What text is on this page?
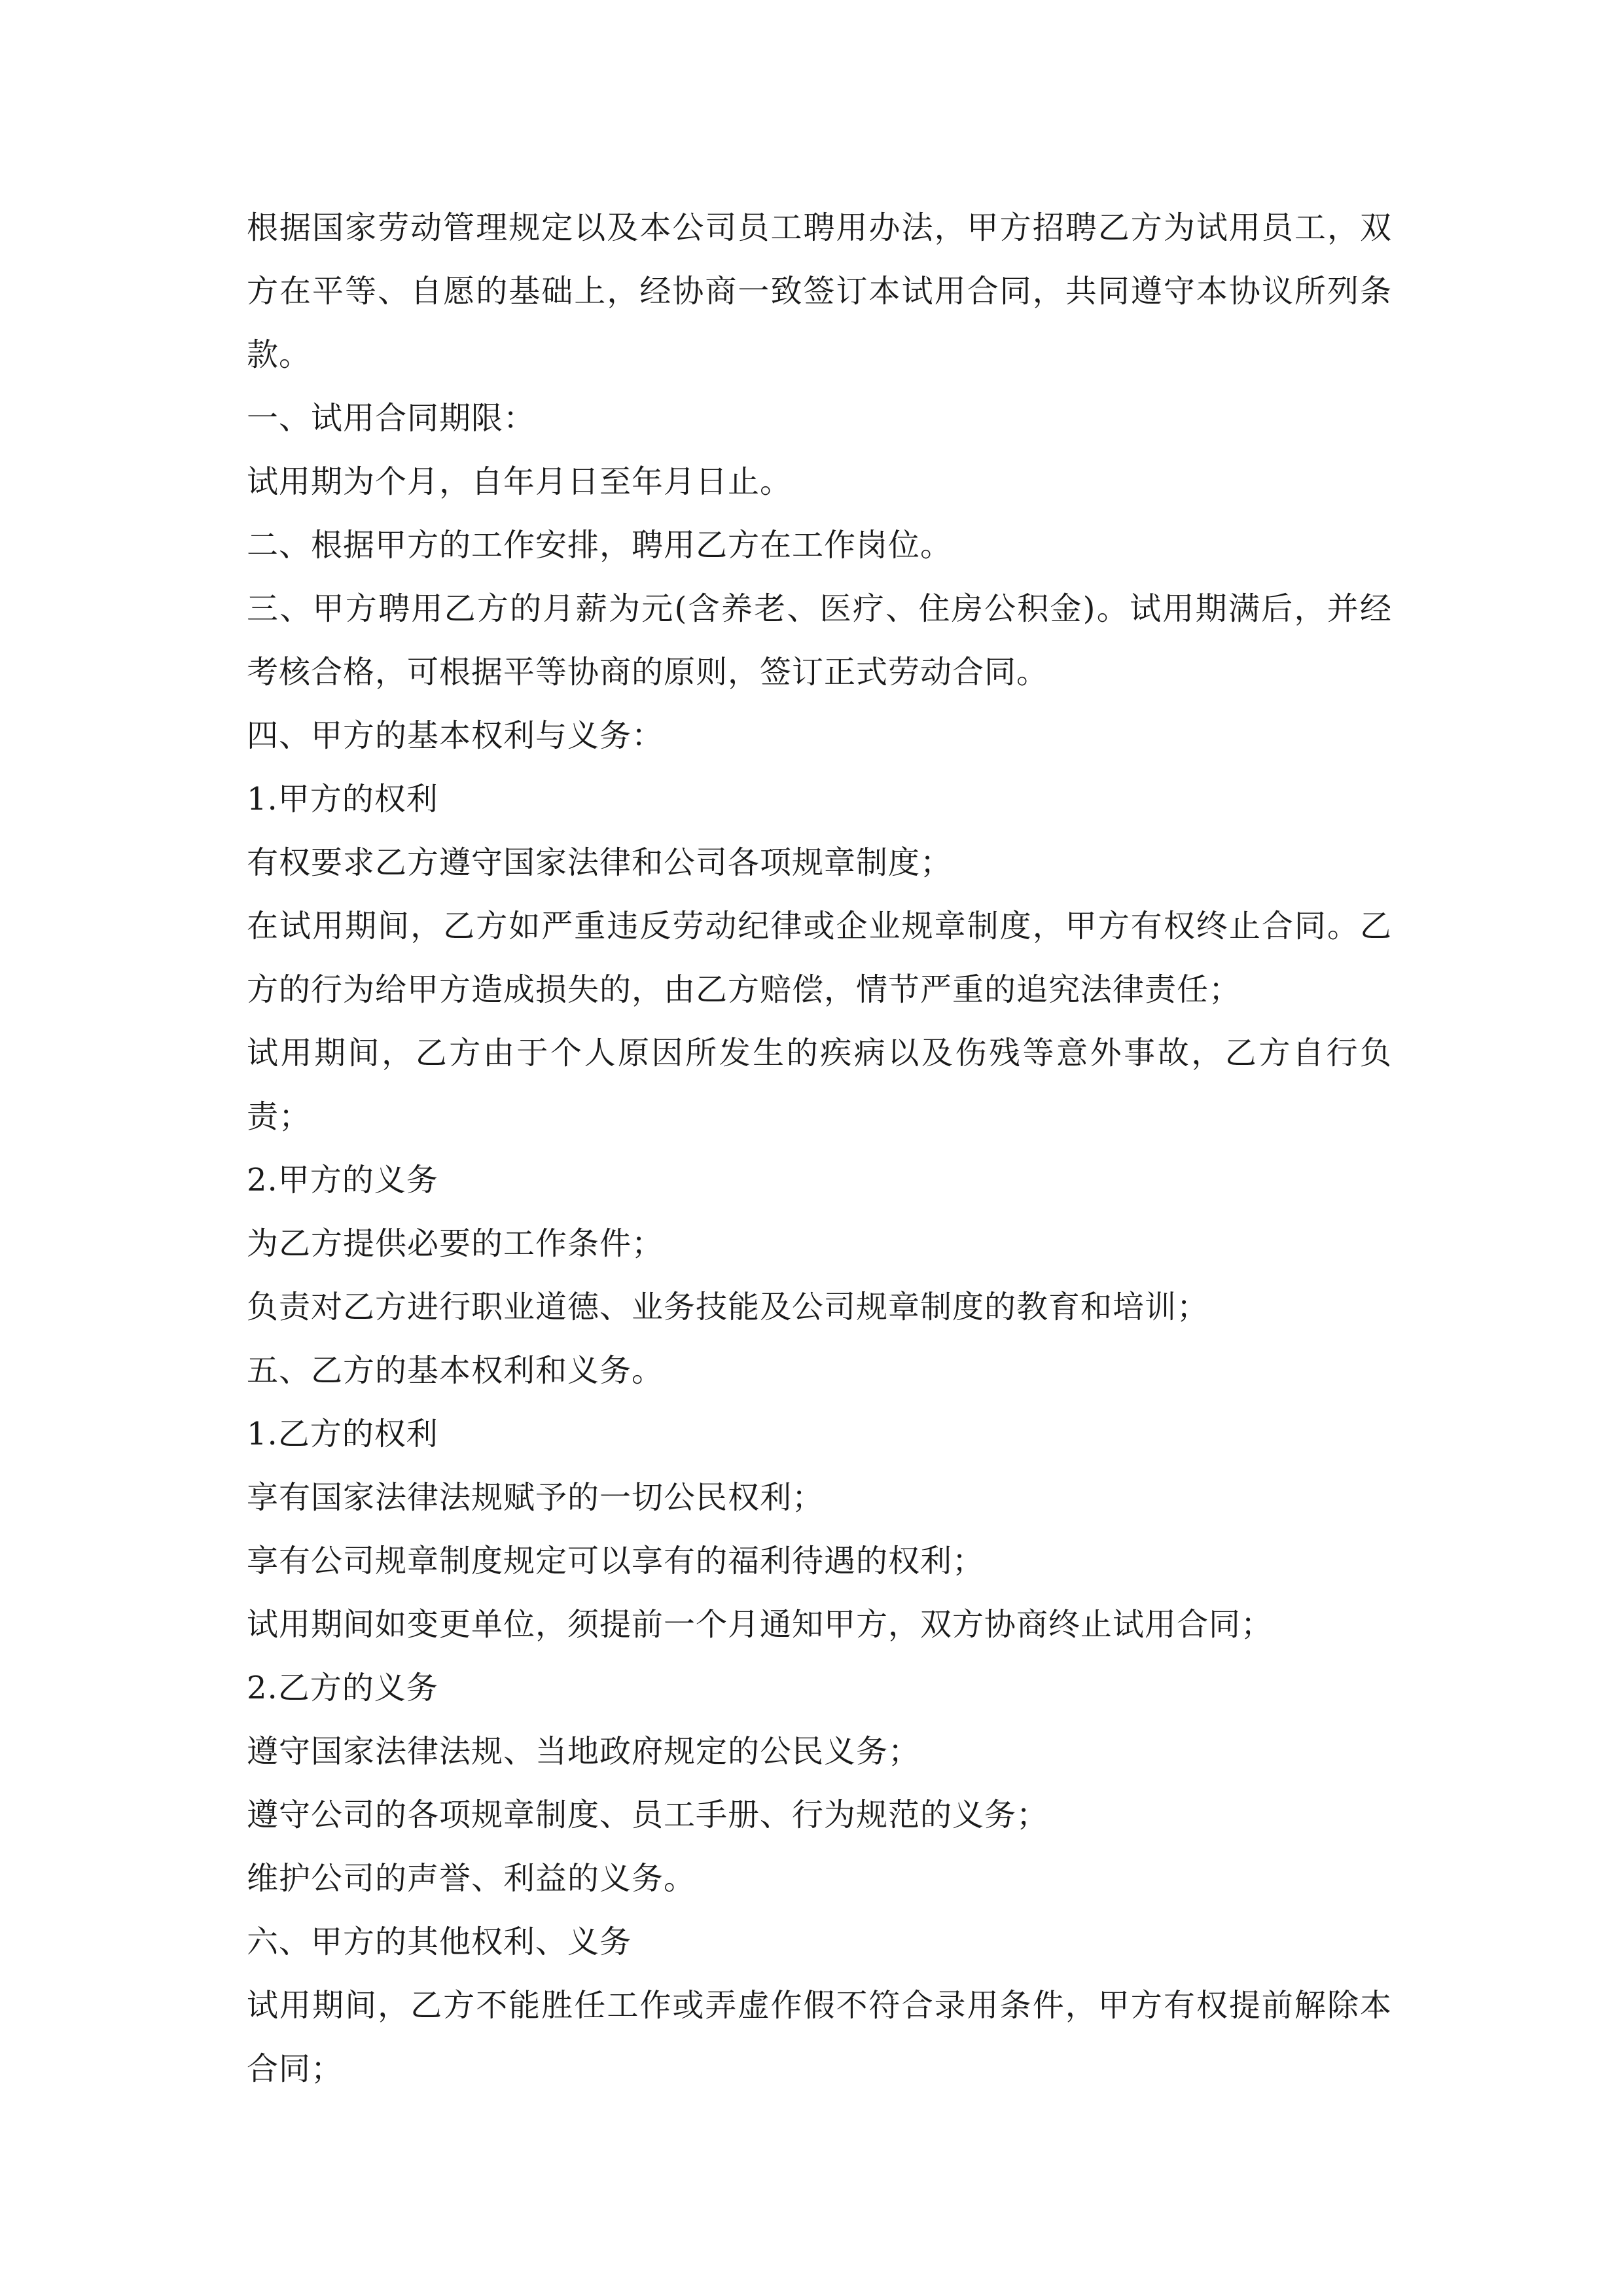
根据国家劳动管理规定以及本公司员工聘用办法，甲方招聘乙方为试用员工，双方在平等、自愿的基础上，经协商一致签订本试用合同，共同遵守本协议所列条款。

一、试用合同期限：

试用期为个月，自年月日至年月日止。

二、根据甲方的工作安排，聘用乙方在工作岗位。

三、甲方聘用乙方的月薪为元(含养老、医疗、住房公积金)。试用期满后，并经考核合格，可根据平等协商的原则，签订正式劳动合同。

四、甲方的基本权利与义务：

1.甲方的权利

有权要求乙方遵守国家法律和公司各项规章制度；

在试用期间，乙方如严重违反劳动纪律或企业规章制度，甲方有权终止合同。乙方的行为给甲方造成损失的，由乙方赔偿，情节严重的追究法律责任；

试用期间，乙方由于个人原因所发生的疾病以及伤残等意外事故，乙方自行负责；

2.甲方的义务

为乙方提供必要的工作条件；

负责对乙方进行职业道德、业务技能及公司规章制度的教育和培训；

五、乙方的基本权利和义务。

1.乙方的权利

享有国家法律法规赋予的一切公民权利；

享有公司规章制度规定可以享有的福利待遇的权利；

试用期间如变更单位，须提前一个月通知甲方，双方协商终止试用合同；

2.乙方的义务

遵守国家法律法规、当地政府规定的公民义务；

遵守公司的各项规章制度、员工手册、行为规范的义务；

维护公司的声誉、利益的义务。

六、甲方的其他权利、义务

试用期间，乙方不能胜任工作或弄虚作假不符合录用条件，甲方有权提前解除本合同；
